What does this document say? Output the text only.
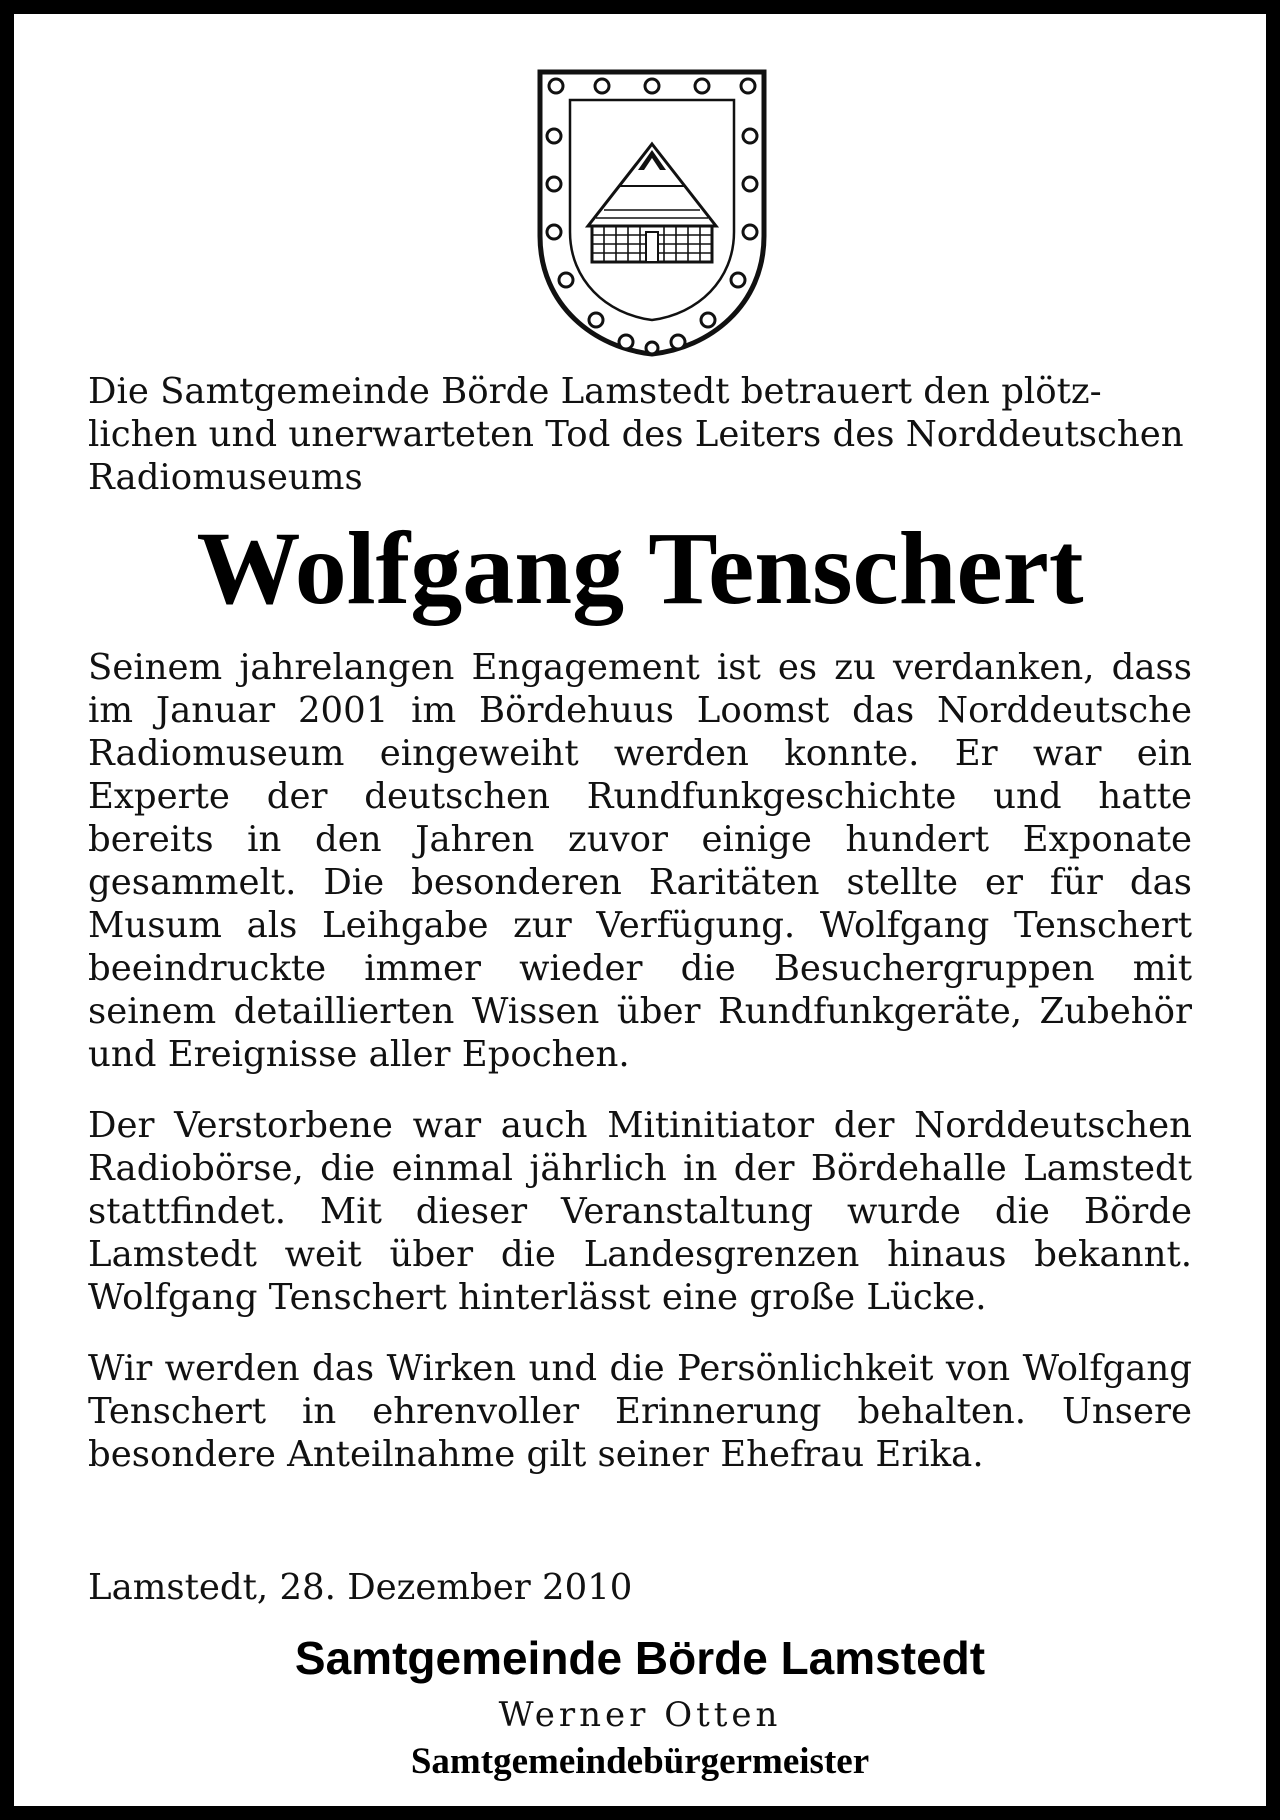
Die Samtgemeinde Börde Lamstedt betrauert den plötzlichen und unerwarteten Tod des Leiters des Norddeutschen Radiomuseums

Wolfgang Tenschert

Seinem jahrelangen Engagement ist es zu verdanken, dass im Januar 2001 im Bördehuus Loomst das Norddeutsche Radiomuseum eingeweiht werden konnte. Er war ein Experte der deutschen Rundfunkgeschichte und hatte bereits in den Jahren zuvor einige hundert Exponate gesammelt. Die besonderen Raritäten stellte er für das Musum als Leihgabe zur Verfügung. Wolfgang Tenschert beeindruckte immer wieder die Besuchergruppen mit seinem detaillierten Wissen über Rundfunkgeräte, Zubehör und Ereignisse aller Epochen.

Der Verstorbene war auch Mitinitiator der Norddeutschen Radiobörse, die einmal jährlich in der Bördehalle Lamstedt stattfindet. Mit dieser Veranstaltung wurde die Börde Lamstedt weit über die Landesgrenzen hinaus bekannt. Wolfgang Tenschert hinterlässt eine große Lücke.

Wir werden das Wirken und die Persönlichkeit von Wolfgang Tenschert in ehrenvoller Erinnerung behalten. Unsere besondere Anteilnahme gilt seiner Ehefrau Erika.

Lamstedt, 28. Dezember 2010
Samtgemeinde Börde Lamstedt
Werner Otten
Samtgemeindebürgermeister
